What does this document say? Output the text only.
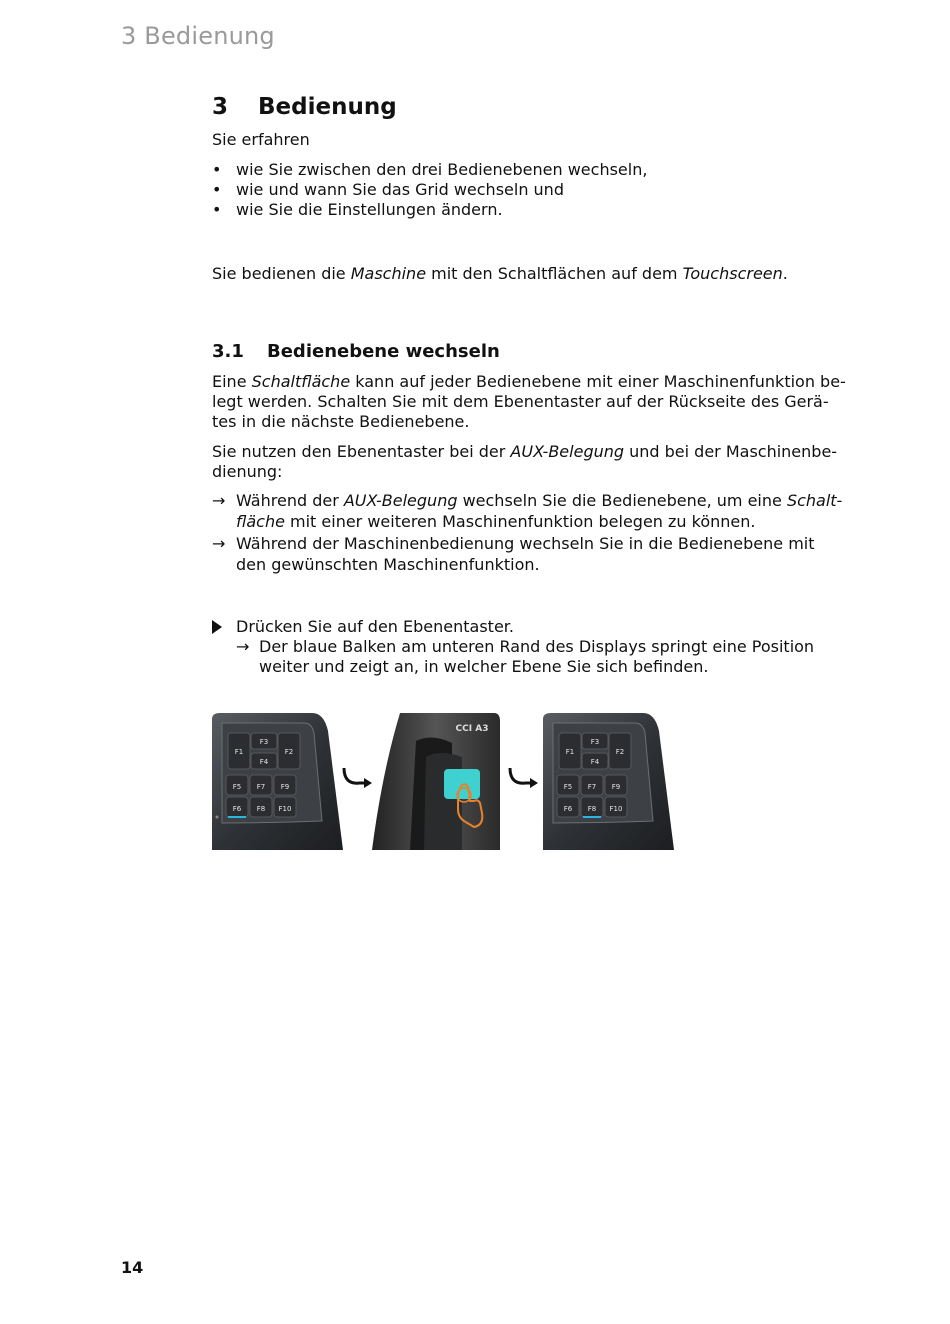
3 Bedienung
3 Bedienung

Sie erfahren

• wie Sie zwischen den drei Bedienebenen wechseln,
• wie und wann Sie das Grid wechseln und
• wie Sie die Einstellungen ändern.

Sie bedienen die Maschine mit den Schaltflächen auf dem Touchscreen.

3.1 Bedienebene wechseln

Eine Schaltfläche kann auf jeder Bedienebene mit einer Maschinenfunktion be-
legt werden. Schalten Sie mit dem Ebenentaster auf der Rückseite des Gerä-
tes in die nächste Bedienebene.

Sie nutzen den Ebenentaster bei der AUX-Belegung und bei der Maschinenbe-
dienung:

→ Während der AUX-Belegung wechseln Sie die Bedienebene, um eine Schalt-
fläche mit einer weiteren Maschinenfunktion belegen zu können.
→ Während der Maschinenbedienung wechseln Sie in die Bedienebene mit
den gewünschten Maschinenfunktion.
Drücken Sie auf den Ebenentaster.
→ Der blaue Balken am unteren Rand des Displays springt eine Position
weiter und zeigt an, in welcher Ebene Sie sich befinden.
F1	F2
F3
F4
F5 F7 F9
F6 F8 F10
CCI A3
F1	F2
F3
F4
F5 F7 F9
F6 F8 F10
14
